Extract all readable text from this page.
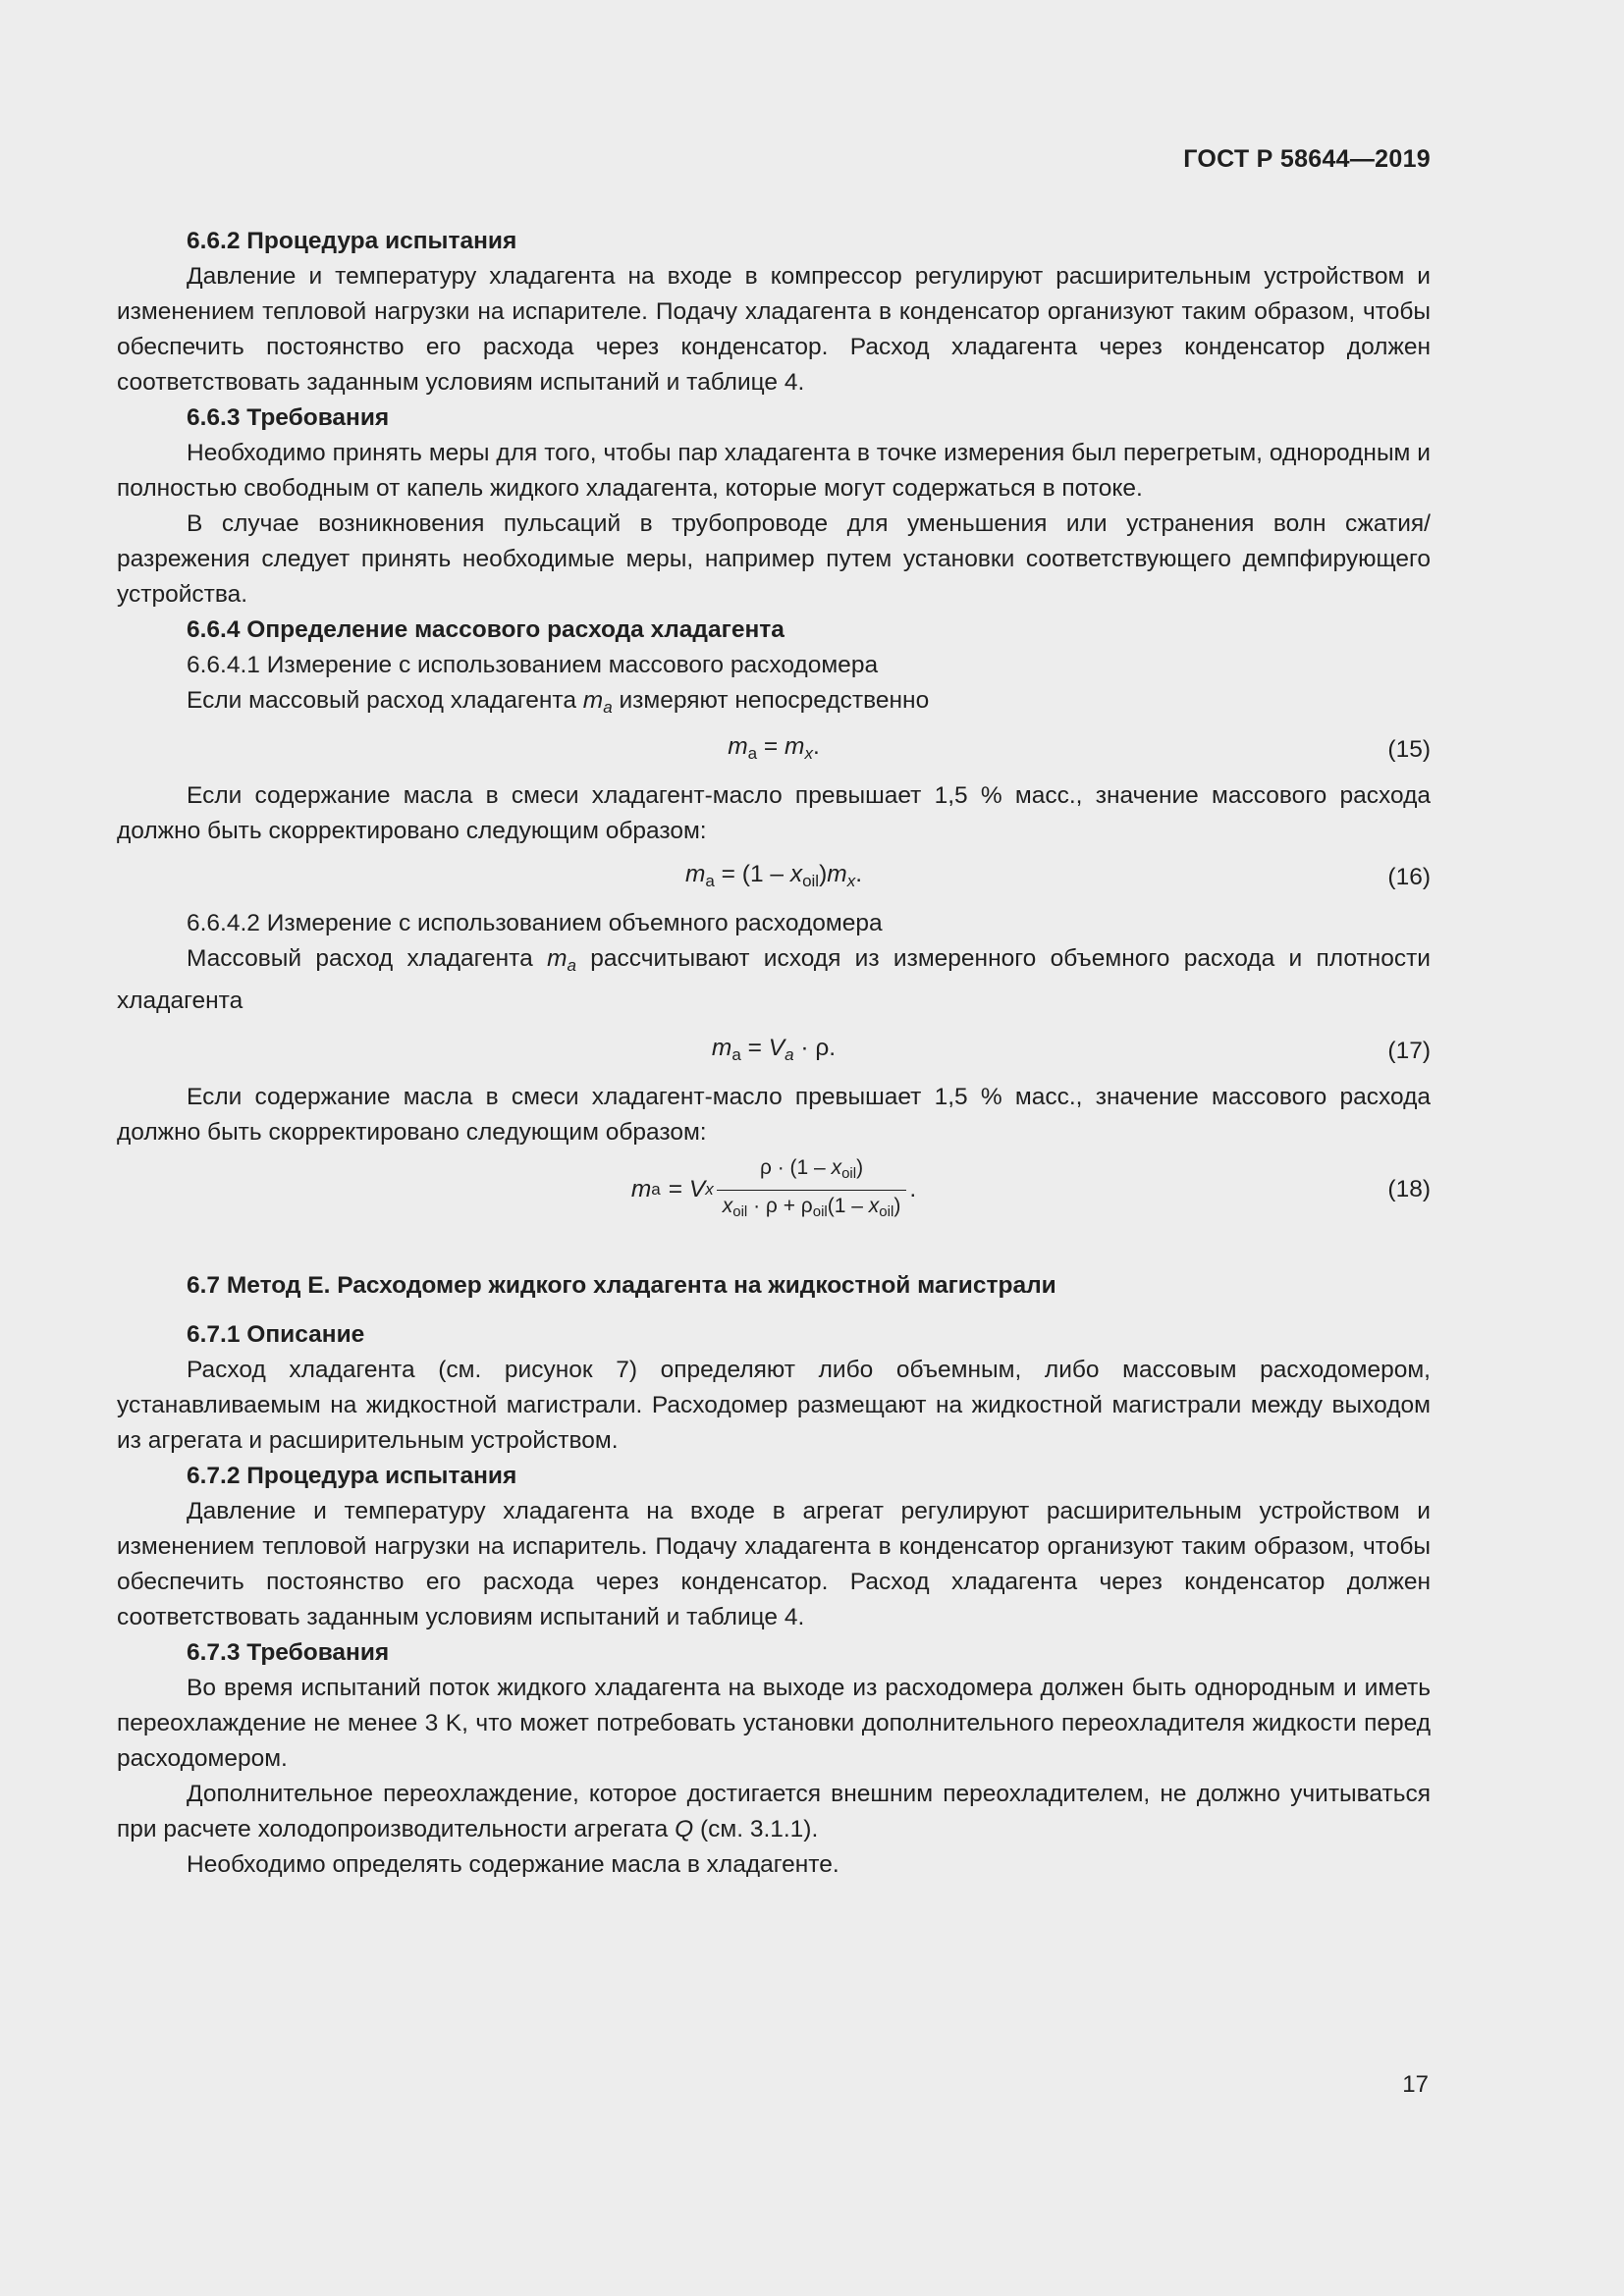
ГОСТ Р 58644—2019
6.6.2 Процедура испытания

Давление и температуру хладагента на входе в компрессор регулируют расширительным устройством и изменением тепловой нагрузки на испарителе. Подачу хладагента в конденсатор организуют таким образом, чтобы обеспечить постоянство его расхода через конденсатор. Расход хладагента через конденсатор должен соответствовать заданным условиям испытаний и таблице 4.

6.6.3 Требования

Необходимо принять меры для того, чтобы пар хладагента в точке измерения был перегретым, однородным и полностью свободным от капель жидкого хладагента, которые могут содержаться в потоке.

В случае возникновения пульсаций в трубопроводе для уменьшения или устранения волн сжатия/ разрежения следует принять необходимые меры, например путем установки соответствующего демпфирующего устройства.

6.6.4 Определение массового расхода хладагента
6.6.4.1 Измерение с использованием массового расходомера

Если массовый расход хладагента $m_a$ измеряют непосредственно

$m_a = m_x$.	(15)

Если содержание масла в смеси хладагент-масло превышает 1,5 % масс., значение массового расхода должно быть скорректировано следующим образом:

$m_a = (1 - x_{oil})m_x$.	(16)
6.6.4.2 Измерение с использованием объемного расходомера

Массовый расход хладагента $m_a$ рассчитывают исходя из измеренного объемного расхода и плотности хладагента

$m_a = V_a \cdot \rho$.	(17)

Если содержание масла в смеси хладагент-масло превышает 1,5 % масс., значение массового расхода должно быть скорректировано следующим образом:

m a = V x $\frac{\rho \cdot (1 - x_{oil})}{x_{oil} \cdot \rho + \rho_{oil}(1 - x_{oil})}$ .	(18)
6.7 Метод Е. Расходомер жидкого хладагента на жидкостной магистрали
6.7.1 Описание

Расход хладагента (см. рисунок 7) определяют либо объемным, либо массовым расходомером, устанавливаемым на жидкостной магистрали. Расходомер размещают на жидкостной магистрали между выходом из агрегата и расширительным устройством.

6.7.2 Процедура испытания

Давление и температуру хладагента на входе в агрегат регулируют расширительным устройством и изменением тепловой нагрузки на испаритель. Подачу хладагента в конденсатор организуют таким образом, чтобы обеспечить постоянство его расхода через конденсатор. Расход хладагента через конденсатор должен соответствовать заданным условиям испытаний и таблице 4.

6.7.3 Требования

Во время испытаний поток жидкого хладагента на выходе из расходомера должен быть однородным и иметь переохлаждение не менее 3 K, что может потребовать установки дополнительного переохладителя жидкости перед расходомером.

Дополнительное переохлаждение, которое достигается внешним переохладителем, не должно учитываться при расчете холодопроизводительности агрегата Q (см. 3.1.1).

Необходимо определять содержание масла в хладагенте.

17
